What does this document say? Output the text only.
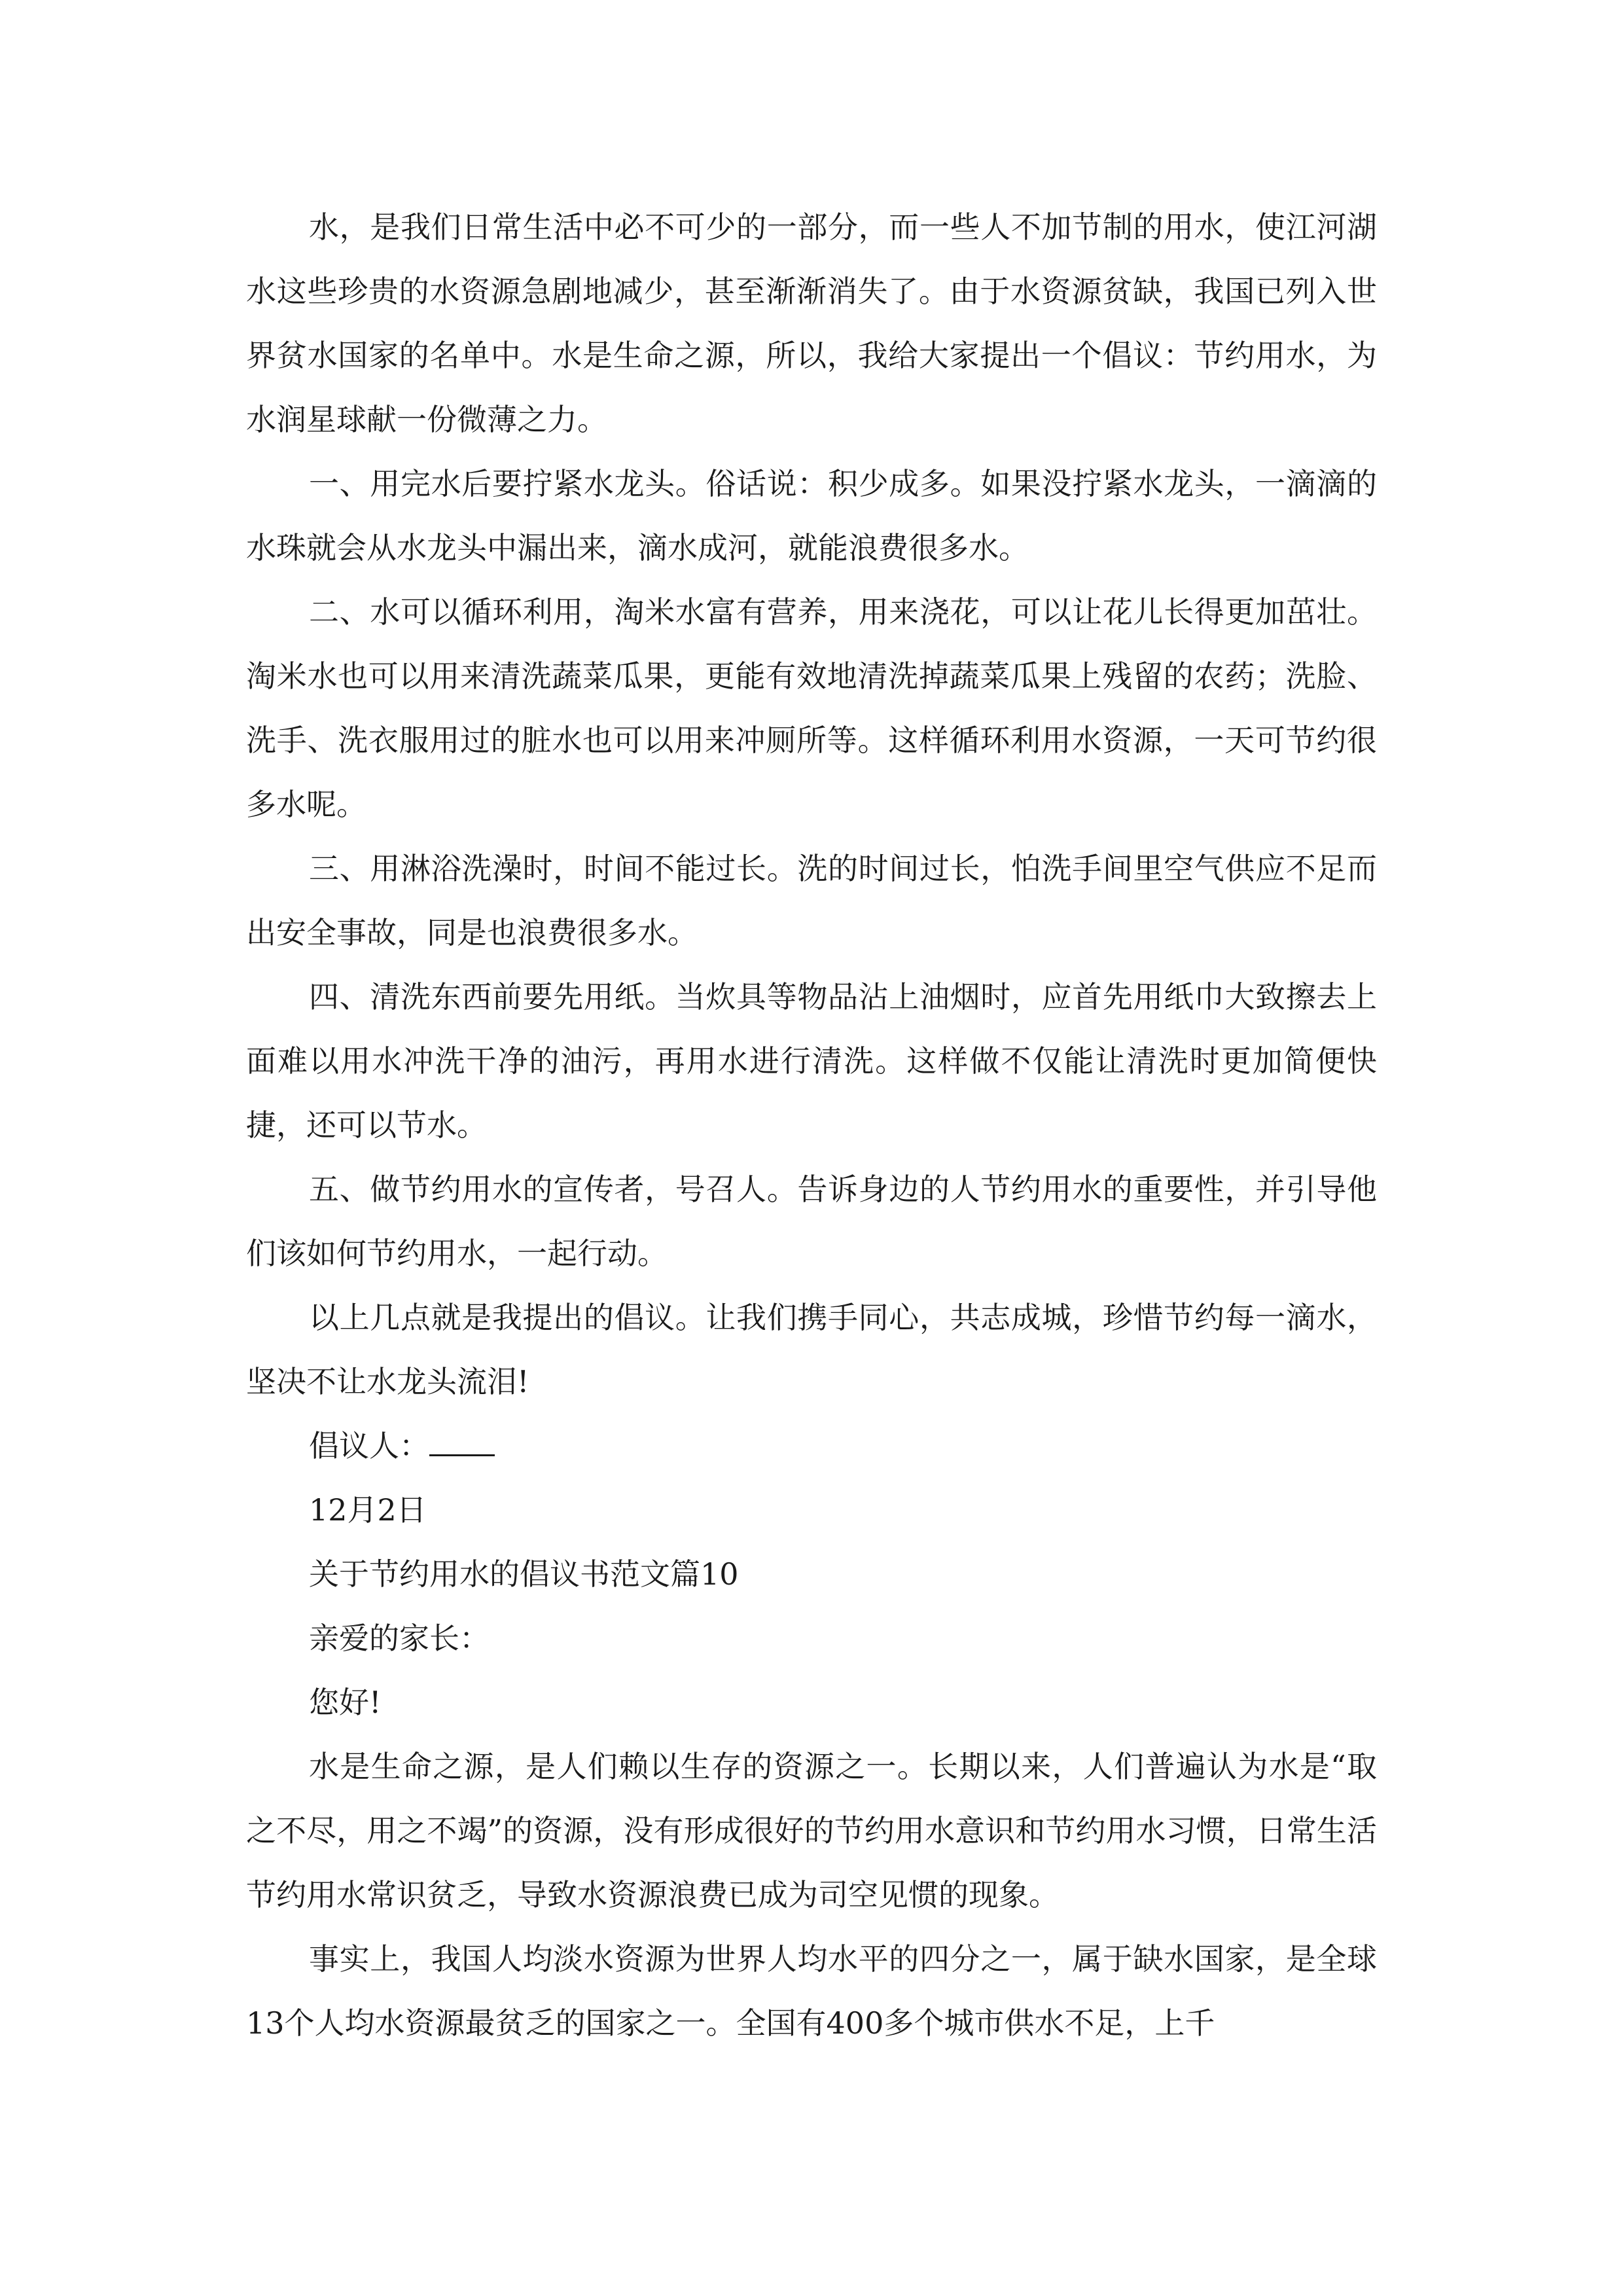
水，是我们日常生活中必不可少的一部分，而一些人不加节制的用水，使江河湖水这些珍贵的水资源急剧地减少，甚至渐渐消失了。由于水资源贫缺，我国已列入世界贫水国家的名单中。水是生命之源，所以，我给大家提出一个倡议：节约用水，为水润星球献一份微薄之力。

一、用完水后要拧紧水龙头。俗话说：积少成多。如果没拧紧水龙头，一滴滴的水珠就会从水龙头中漏出来，滴水成河，就能浪费很多水。

二、水可以循环利用，淘米水富有营养，用来浇花，可以让花儿长得更加茁壮。淘米水也可以用来清洗蔬菜瓜果，更能有效地清洗掉蔬菜瓜果上残留的农药；洗脸、洗手、洗衣服用过的脏水也可以用来冲厕所等。这样循环利用水资源，一天可节约很多水呢。

三、用淋浴洗澡时，时间不能过长。洗的时间过长，怕洗手间里空气供应不足而出安全事故，同是也浪费很多水。

四、清洗东西前要先用纸。当炊具等物品沾上油烟时，应首先用纸巾大致擦去上面难以用水冲洗干净的油污，再用水进行清洗。这样做不仅能让清洗时更加简便快捷，还可以节水。

五、做节约用水的宣传者，号召人。告诉身边的人节约用水的重要性，并引导他们该如何节约用水，一起行动。

以上几点就是我提出的倡议。让我们携手同心，共志成城，珍惜节约每一滴水，坚决不让水龙头流泪!

倡议人：

12月2日

关于节约用水的倡议书范文篇10

亲爱的家长：

您好!

水是生命之源，是人们赖以生存的资源之一。长期以来，人们普遍认为水是“取之不尽，用之不竭”的资源，没有形成很好的节约用水意识和节约用水习惯，日常生活节约用水常识贫乏，导致水资源浪费已成为司空见惯的现象。

事实上，我国人均淡水资源为世界人均水平的四分之一，属于缺水国家，是全球13个人均水资源最贫乏的国家之一。全国有400多个城市供水不足，上千
